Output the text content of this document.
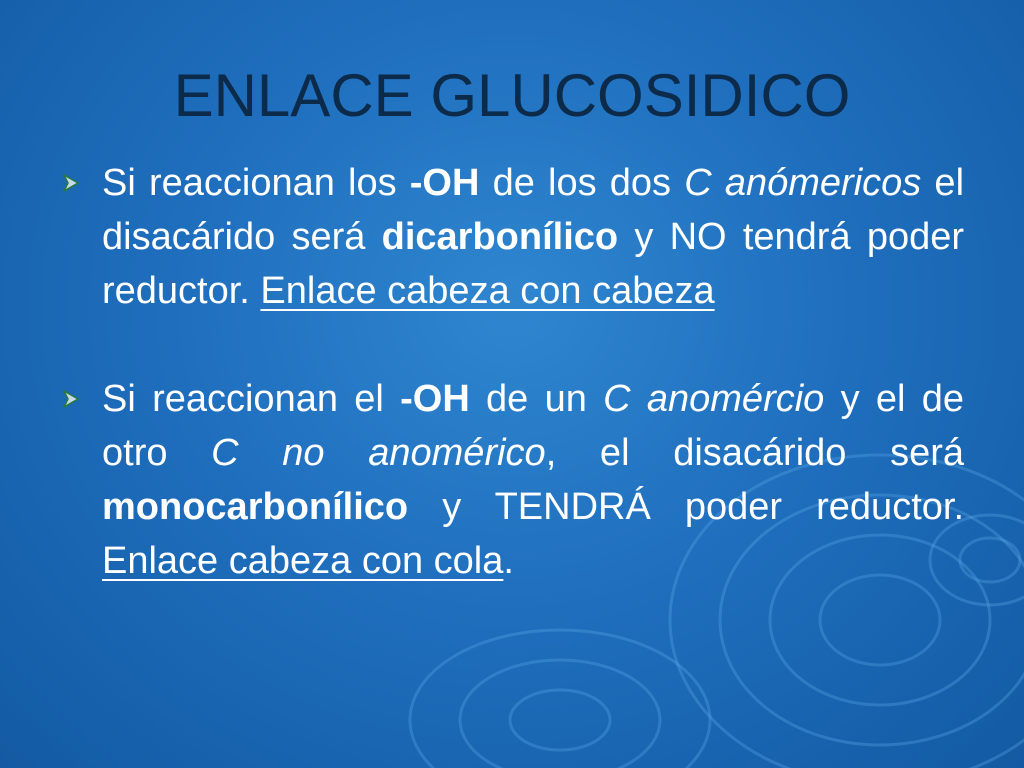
ENLACE GLUCOSIDICO
Si reaccionan los -OH de los dos C anómericos el disacárido será dicarbonílico y NO tendrá poder reductor. Enlace cabeza con cabeza
Si reaccionan el -OH de un C anomércio y el de otro C no anomérico, el disacárido será monocarbonílico y TENDRÁ poder reductor. Enlace cabeza con cola.
